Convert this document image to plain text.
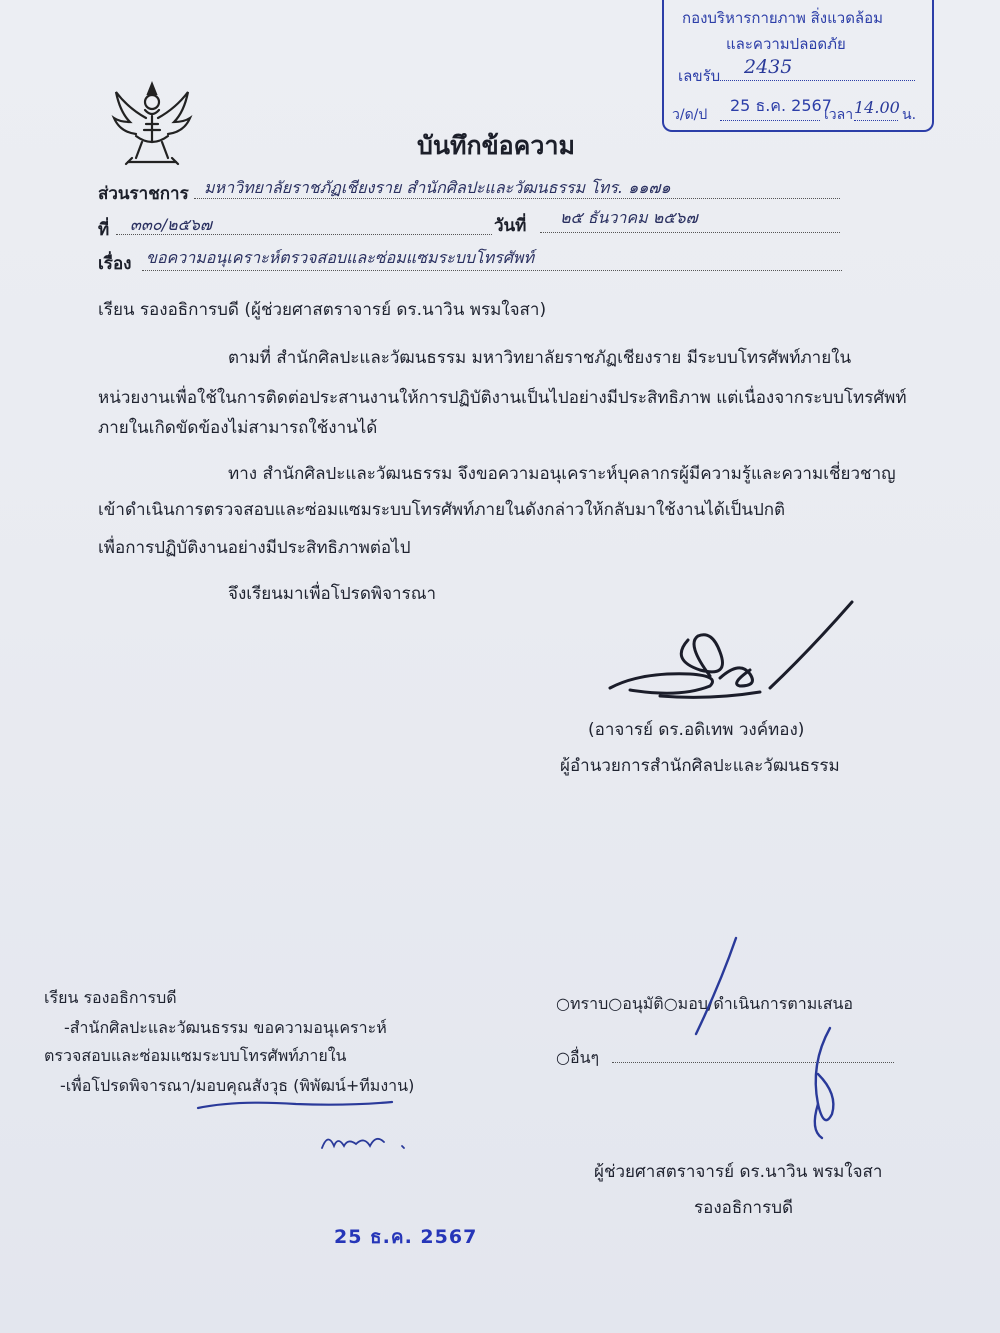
กองบริหารกายภาพ สิ่งแวดล้อม
และความปลอดภัย
เลขรับ 2435
ว/ด/ป 25 ธ.ค. 2567
เวลา 14.00 น.
บันทึกข้อความ
ส่วนราชการ มหาวิทยาลัยราชภัฏเชียงราย สำนักศิลปะและวัฒนธรรม โทร. ๑๑๗๑
ที่ ๓๓๐/๒๕๖๗	วันที่ ๒๕ ธันวาคม ๒๕๖๗
เรื่อง ขอความอนุเคราะห์ตรวจสอบและซ่อมแซมระบบโทรศัพท์
เรียน รองอธิการบดี (ผู้ช่วยศาสตราจารย์ ดร.นาวิน พรมใจสา)
ตามที่ สำนักศิลปะและวัฒนธรรม มหาวิทยาลัยราชภัฏเชียงราย มีระบบโทรศัพท์ภายใน
หน่วยงานเพื่อใช้ในการติดต่อประสานงานให้การปฏิบัติงานเป็นไปอย่างมีประสิทธิภาพ แต่เนื่องจากระบบโทรศัพท์
ภายในเกิดขัดข้องไม่สามารถใช้งานได้
ทาง สำนักศิลปะและวัฒนธรรม จึงขอความอนุเคราะห์บุคลากรผู้มีความรู้และความเชี่ยวชาญ
เข้าดำเนินการตรวจสอบและซ่อมแซมระบบโทรศัพท์ภายในดังกล่าวให้กลับมาใช้งานได้เป็นปกติ
เพื่อการปฏิบัติงานอย่างมีประสิทธิภาพต่อไป
จึงเรียนมาเพื่อโปรดพิจารณา
(อาจารย์ ดร.อดิเทพ วงค์ทอง)
ผู้อำนวยการสำนักศิลปะและวัฒนธรรม
เรียน รองอธิการบดี
-สำนักศิลปะและวัฒนธรรม ขอความอนุเคราะห์
ตรวจสอบและซ่อมแซมระบบโทรศัพท์ภายใน
-เพื่อโปรดพิจารณา/มอบคุณสังวุธ (พิพัฒน์+ทีมงาน)
25 ธ.ค. 2567
○ทราบ○อนุมัติ○มอบ/ดำเนินการตามเสนอ
○อื่นๆ
ผู้ช่วยศาสตราจารย์ ดร.นาวิน พรมใจสา
รองอธิการบดี
